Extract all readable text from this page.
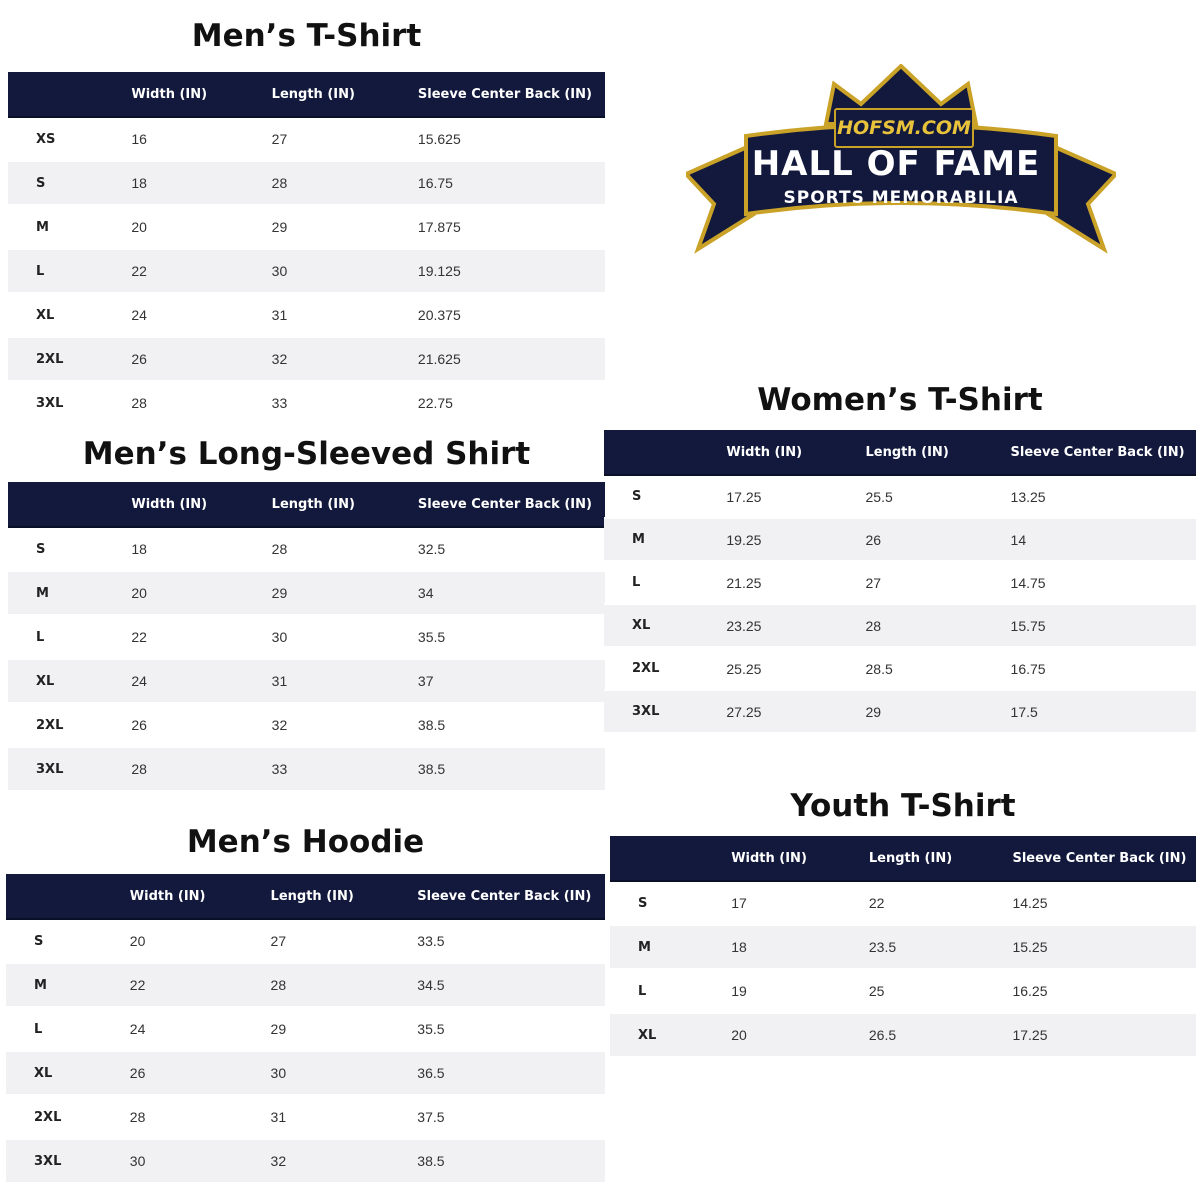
Men’s T-Shirt
	Width (IN)	Length (IN)	Sleeve Center Back (IN)
XS	16	27	15.625
S	18	28	16.75
M	20	29	17.875
L	22	30	19.125
XL	24	31	20.375
2XL	26	32	21.625
3XL	28	33	22.75
Men’s Long-Sleeved Shirt
	Width (IN)	Length (IN)	Sleeve Center Back (IN)
S	18	28	32.5
M	20	29	34
L	22	30	35.5
XL	24	31	37
2XL	26	32	38.5
3XL	28	33	38.5
Men’s Hoodie
	Width (IN)	Length (IN)	Sleeve Center Back (IN)
S	20	27	33.5
M	22	28	34.5
L	24	29	35.5
XL	26	30	36.5
2XL	28	31	37.5
3XL	30	32	38.5
HOFSM.COM
HALL OF FAME
SPORTS MEMORABILIA
Women’s T-Shirt
	Width (IN)	Length (IN)	Sleeve Center Back (IN)
S	17.25	25.5	13.25
M	19.25	26	14
L	21.25	27	14.75
XL	23.25	28	15.75
2XL	25.25	28.5	16.75
3XL	27.25	29	17.5
Youth T-Shirt
	Width (IN)	Length (IN)	Sleeve Center Back (IN)
S	17	22	14.25
M	18	23.5	15.25
L	19	25	16.25
XL	20	26.5	17.25
